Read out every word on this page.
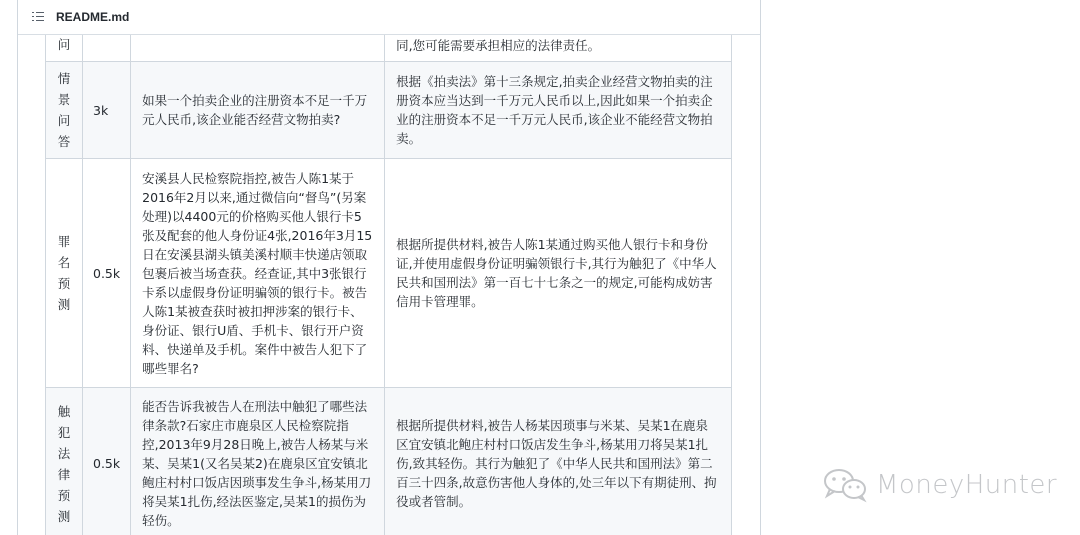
README.md
问			同,您可能需要承担相应的法律责任。
情景问答	3k	如果一个拍卖企业的注册资本不足一千万元人民币,该企业能否经营文物拍卖?	根据《拍卖法》第十三条规定,拍卖企业经营文物拍卖的注册资本应当达到一千万元人民币以上,因此如果一个拍卖企业的注册资本不足一千万元人民币,该企业不能经营文物拍卖。
罪名预测	0.5k	安溪县人民检察院指控,被告人陈1某于2016年2月以来,通过微信向“督鸟”(另案处理)以4400元的价格购买他人银行卡5张及配套的他人身份证4张,2016年3月15日在安溪县湖头镇美溪村顺丰快递店领取包裹后被当场查获。经查证,其中3张银行卡系以虚假身份证明骗领的银行卡。被告人陈1某被查获时被扣押涉案的银行卡、身份证、银行U盾、手机卡、银行开户资料、快递单及手机。案件中被告人犯下了哪些罪名?	根据所提供材料,被告人陈1某通过购买他人银行卡和身份证,并使用虚假身份证明骗领银行卡,其行为触犯了《中华人民共和国刑法》第一百七十七条之一的规定,可能构成妨害信用卡管理罪。
触犯法律预测	0.5k	能否告诉我被告人在刑法中触犯了哪些法律条款?石家庄市鹿泉区人民检察院指控,2013年9月28日晚上,被告人杨某与米某、吴某1(又名吴某2)在鹿泉区宜安镇北鲍庄村村口饭店因琐事发生争斗,杨某用刀将吴某1扎伤,经法医鉴定,吴某1的损伤为轻伤。	根据所提供材料,被告人杨某因琐事与米某、吴某1在鹿泉区宜安镇北鲍庄村村口饭店发生争斗,杨某用刀将吴某1扎伤,致其轻伤。其行为触犯了《中华人民共和国刑法》第二百三十四条,故意伤害他人身体的,处三年以下有期徒刑、拘役或者管制。

MoneyHunter
